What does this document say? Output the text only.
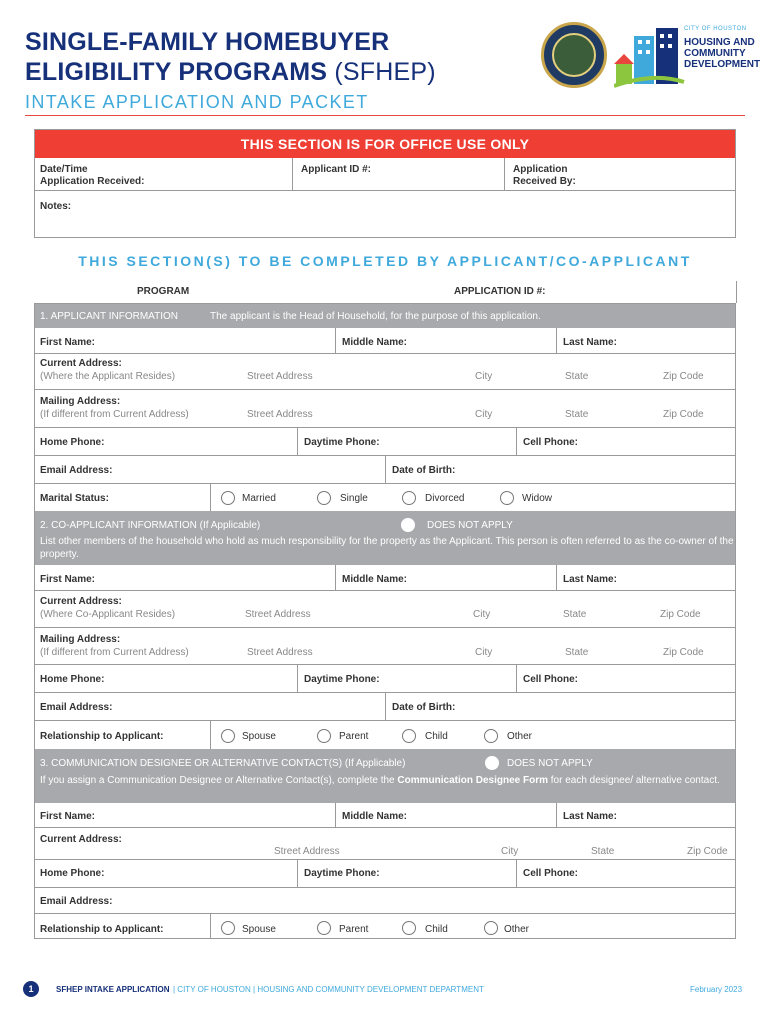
SINGLE-FAMILY HOMEBUYER
ELIGIBILITY PROGRAMS (SFHEP)
INTAKE APPLICATION AND PACKET
CITY OF HOUSTON
HOUSING AND
COMMUNITY
DEVELOPMENT
THIS SECTION IS FOR OFFICE USE ONLY
Date/Time
Application Received:
Applicant ID #:	Application
Received By:
Notes:
THIS SECTION(S) TO BE COMPLETED BY APPLICANT/CO-APPLICANT
PROGRAM	APPLICATION ID #:
1. APPLICANT INFORMATION	The applicant is the Head of Household, for the purpose of this application.
First Name:	Middle Name:	Last Name:
Current Address:
(Where the Applicant Resides)	Street Address	City	State	Zip Code
Mailing Address:
(If different from Current Address)	Street Address	City	State	Zip Code
Home Phone:	Daytime Phone:	Cell Phone:
Email Address:	Date of Birth:
Marital Status:	Married	Single	Divorced	Widow
2. CO-APPLICANT INFORMATION (If Applicable)	DOES NOT APPLY
List other members of the household who hold as much responsibility for the property as the Applicant. This person is often referred to as the co-owner of the property.
First Name:	Middle Name:	Last Name:
Current Address:
(Where Co-Applicant Resides)	Street Address	City	State	Zip Code
Mailing Address:
(If different from Current Address)	Street Address	City	State	Zip Code
Home Phone:	Daytime Phone:	Cell Phone:
Email Address:	Date of Birth:
Relationship to Applicant:	Spouse	Parent	Child	Other
3. COMMUNICATION DESIGNEE OR ALTERNATIVE CONTACT(S) (If Applicable)	DOES NOT APPLY
If you assign a Communication Designee or Alternative Contact(s), complete the Communication Designee Form for each designee/ alternative contact.
First Name:	Middle Name:	Last Name:
Current Address:
Street Address	City	State	Zip Code
Home Phone:	Daytime Phone:	Cell Phone:
Email Address:
Relationship to Applicant:	Spouse	Parent	Child	Other
1	SFHEP INTAKE APPLICATION | CITY OF HOUSTON | HOUSING AND COMMUNITY DEVELOPMENT DEPARTMENT	February 2023
